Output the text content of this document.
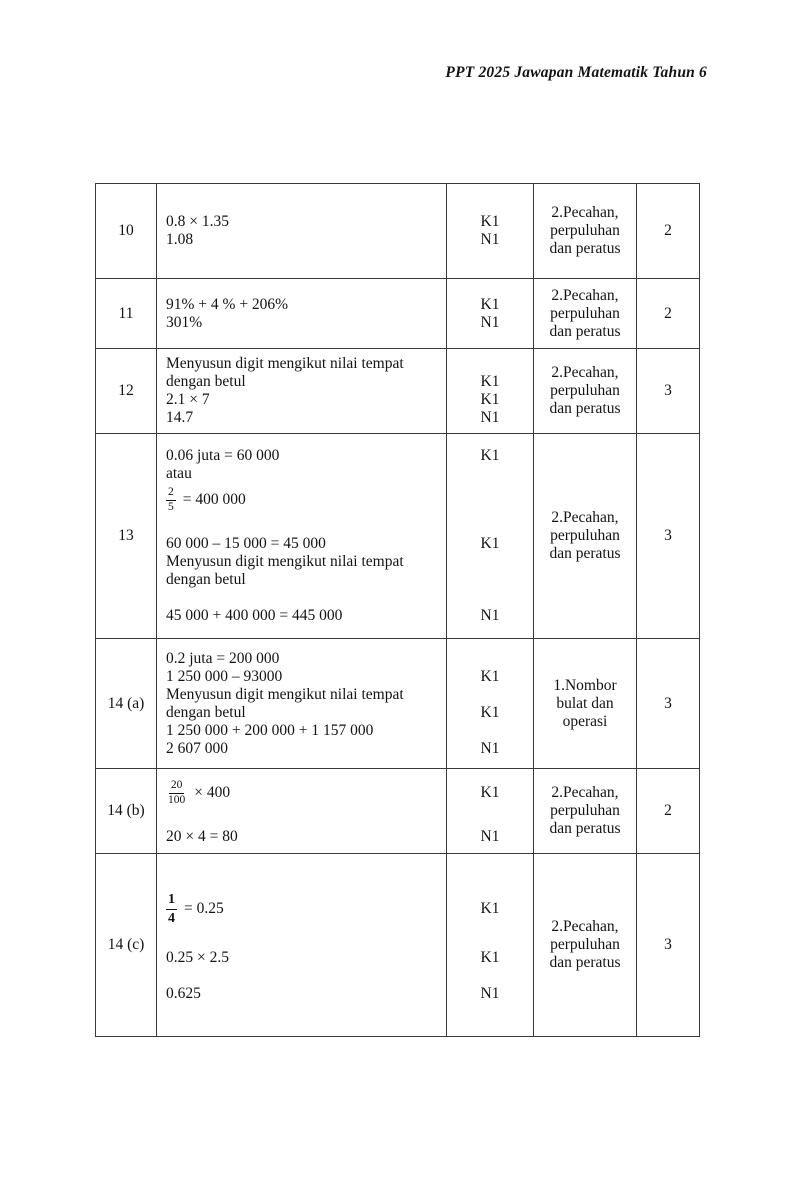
PPT 2025 Jawapan Matematik Tahun 6
10
0.8 × 1.35
1.08
K1
N1
2.Pecahan,
perpuluhan
dan peratus
2
11
91% + 4 % + 206%
301%
K1
N1
2.Pecahan,
perpuluhan
dan peratus
2
12
Menyusun digit mengikut nilai tempat
dengan betul
2.1 × 7
14.7
K1
K1
N1
2.Pecahan,
perpuluhan
dan peratus
3
13
0.06 juta = 60 000
atau
$\frac{2}{5} = 400$ 000
60 000 – 15 000 = 45 000
Menyusun digit mengikut nilai tempat
dengan betul
45 000 + 400 000 = 445 000
K1
K1
N1
2.Pecahan,
perpuluhan
dan peratus
3
14 (a)
0.2 juta = 200 000
1 250 000 – 93000
Menyusun digit mengikut nilai tempat
dengan betul
1 250 000 + 200 000 + 1 157 000
2 607 000
K1
K1
N1
1.Nombor
bulat dan
operasi
3
14 (b)
$\frac{20}{100} \times 400$
20 × 4 = 80
K1
N1
2.Pecahan,
perpuluhan
dan peratus
2
14 (c)
$\frac{1}{4} = 0.25$
0.25 × 2.5
0.625
K1
K1
N1
2.Pecahan,
perpuluhan
dan peratus
3
